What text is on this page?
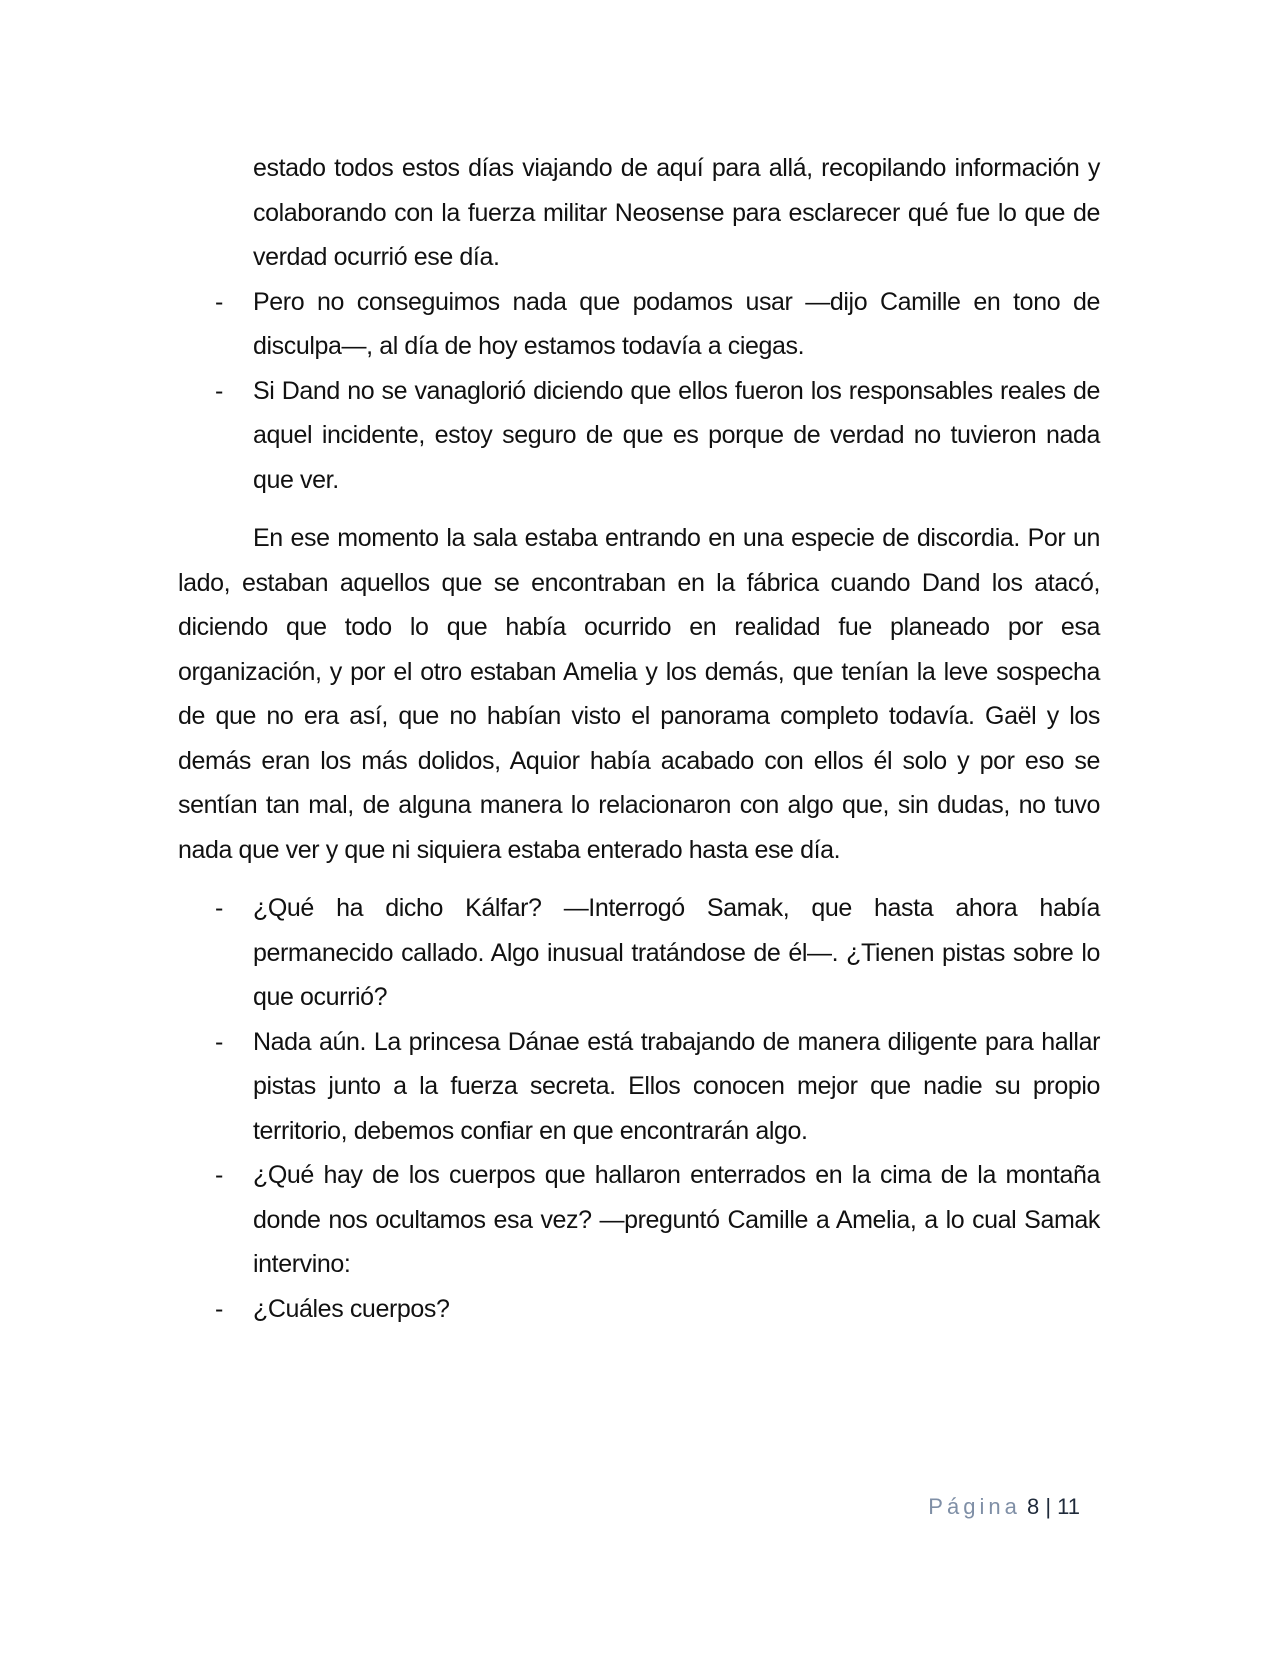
estado todos estos días viajando de aquí para allá, recopilando información y colaborando con la fuerza militar Neosense para esclarecer qué fue lo que de verdad ocurrió ese día.
- Pero no conseguimos nada que podamos usar —dijo Camille en tono de disculpa—, al día de hoy estamos todavía a ciegas.
- Si Dand no se vanaglorió diciendo que ellos fueron los responsables reales de aquel incidente, estoy seguro de que es porque de verdad no tuvieron nada que ver.

En ese momento la sala estaba entrando en una especie de discordia. Por un lado, estaban aquellos que se encontraban en la fábrica cuando Dand los atacó, diciendo que todo lo que había ocurrido en realidad fue planeado por esa organización, y por el otro estaban Amelia y los demás, que tenían la leve sospecha de que no era así, que no habían visto el panorama completo todavía. Gaël y los demás eran los más dolidos, Aquior había acabado con ellos él solo y por eso se sentían tan mal, de alguna manera lo relacionaron con algo que, sin dudas, no tuvo nada que ver y que ni siquiera estaba enterado hasta ese día.

- ¿Qué ha dicho Kálfar? —Interrogó Samak, que hasta ahora había permanecido callado. Algo inusual tratándose de él—. ¿Tienen pistas sobre lo que ocurrió?
- Nada aún. La princesa Dánae está trabajando de manera diligente para hallar pistas junto a la fuerza secreta. Ellos conocen mejor que nadie su propio territorio, debemos confiar en que encontrarán algo.
- ¿Qué hay de los cuerpos que hallaron enterrados en la cima de la montaña donde nos ocultamos esa vez? —preguntó Camille a Amelia, a lo cual Samak intervino:
- ¿Cuáles cuerpos?
Página 8 | 11
